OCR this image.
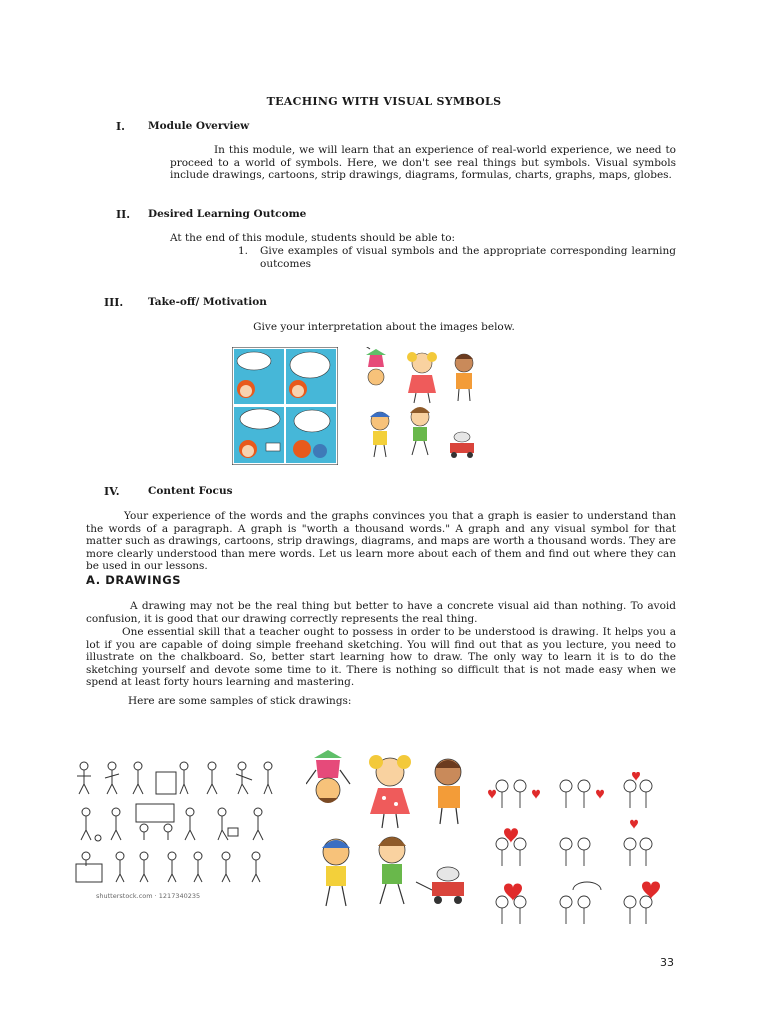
TEACHING WITH VISUAL SYMBOLS
I. Module Overview
In this module, we will learn that an experience of real-world experience, we need to proceed to a world of symbols. Here, we don't see real things but symbols. Visual symbols include drawings, cartoons, strip drawings, diagrams, formulas, charts, graphs, maps, globes.
II. Desired Learning Outcome
At the end of this module, students should be able to:
1. Give examples of visual symbols and the appropriate corresponding learning outcomes
III. Take-off/ Motivation
Give your interpretation about the images below.
IV.	Content Focus
Your experience of the words and the graphs convinces you that a graph is easier to understand than the words of a paragraph. A graph is "worth a thousand words." A graph and any visual symbol for that matter such as drawings, cartoons, strip drawings, diagrams, and maps are worth a thousand words. They are more clearly understood than mere words. Let us learn more about each of them and find out where they can be used in our lessons.
A. DRAWINGS
A drawing may not be the real thing but better to have a concrete visual aid than nothing. To avoid confusion, it is good that our drawing correctly represents the real thing.
One essential skill that a teacher ought to possess in order to be understood is drawing. It helps you a lot if you are capable of doing simple freehand sketching. You will find out that as you lecture, you need to illustrate on the chalkboard. So, better start learning how to draw. The only way to learn it is to do the sketching yourself and devote some time to it. There is nothing so difficult that is not made easy when we spend at least forty hours learning and mastering.
Here are some samples of stick drawings:
shutterstock.com · 1217340235
33
